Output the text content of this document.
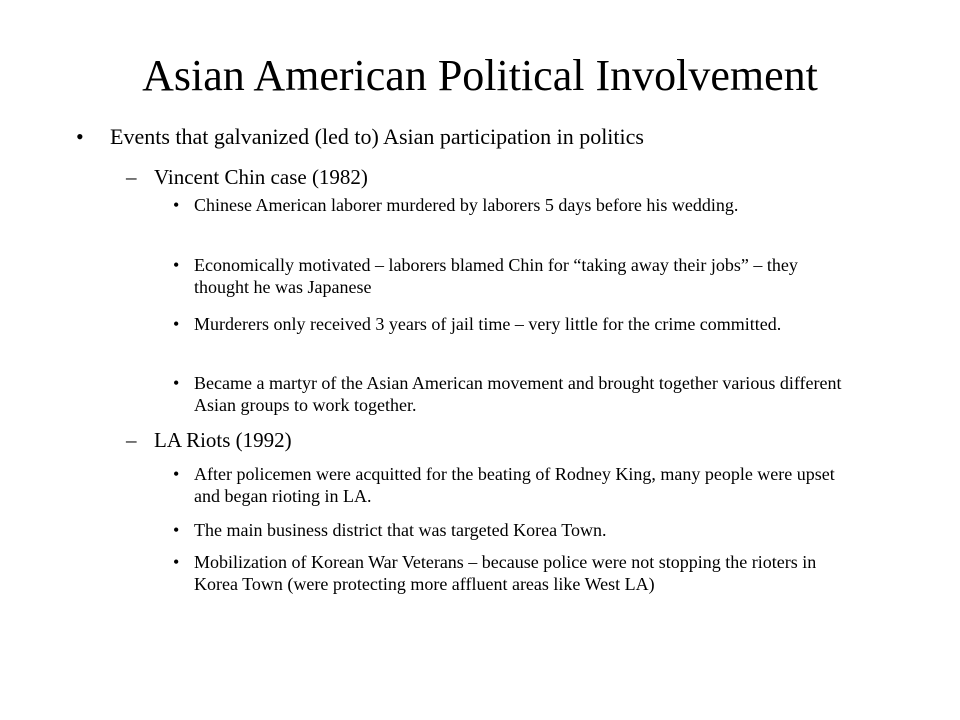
Asian American Political Involvement
•	Events that galvanized (led to) Asian participation in politics
– Vincent Chin case (1982)
• Chinese American laborer murdered by laborers 5 days before his wedding.
• Economically motivated – laborers blamed Chin for “taking away their jobs” – they thought he was Japanese
• Murderers only received 3 years of jail time – very little for the crime committed.
• Became a martyr of the Asian American movement and brought together various different Asian groups to work together.
– LA Riots (1992)
• After policemen were acquitted for the beating of Rodney King, many people were upset and began rioting in LA.
• The main business district that was targeted Korea Town.
• Mobilization of Korean War Veterans – because police were not stopping the rioters in Korea Town (were protecting more affluent areas like West LA)
